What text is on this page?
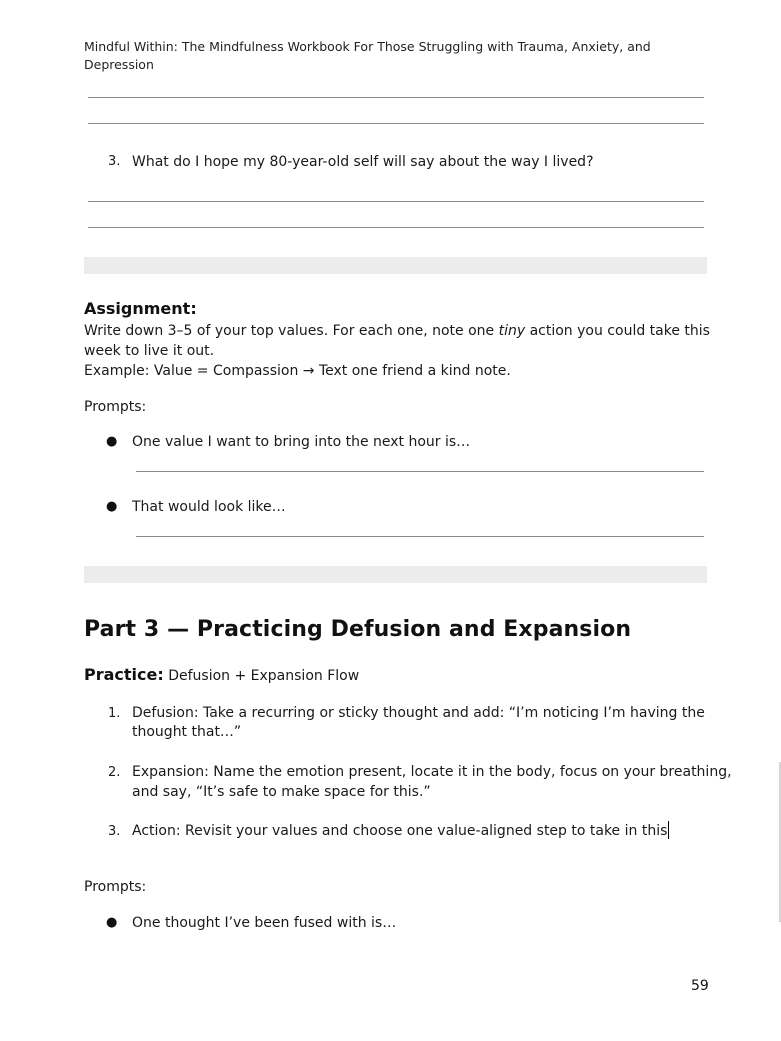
Mindful Within: The Mindfulness Workbook For Those Struggling with Trauma, Anxiety, and Depression
3. What do I hope my 80-year-old self will say about the way I lived?
Assignment:
Write down 3–5 of your top values. For each one, note one tiny action you could take this
week to live it out.
Example: Value = Compassion → Text one friend a kind note.
Prompts:
● One value I want to bring into the next hour is…
● That would look like…
Part 3 — Practicing Defusion and Expansion
Practice: Defusion + Expansion Flow
1. Defusion: Take a recurring or sticky thought and add: “I’m noticing I’m having the
thought that…”
2. Expansion: Name the emotion present, locate it in the body, focus on your breathing,
and say, “It’s safe to make space for this.”
3. Action: Revisit your values and choose one value-aligned step to take in this
Prompts:
● One thought I’ve been fused with is…
59
